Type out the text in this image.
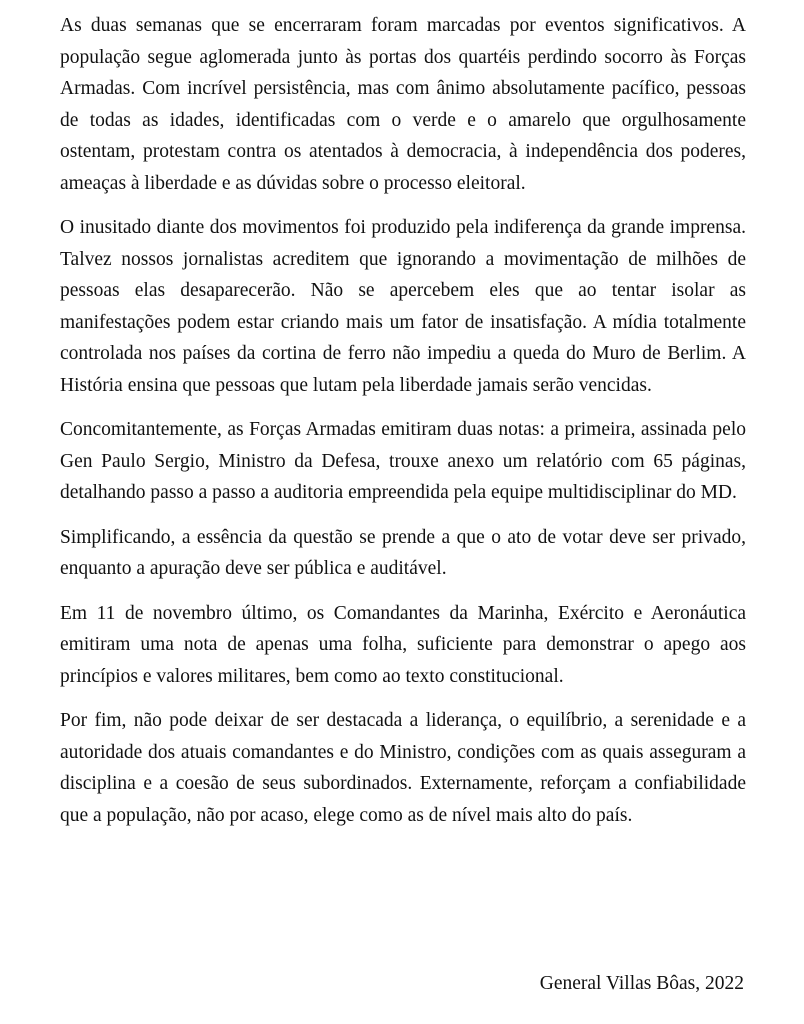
As duas semanas que se encerraram foram marcadas por eventos significativos. A população segue aglomerada junto às portas dos quartéis perdindo socorro às Forças Armadas. Com incrível persistência, mas com ânimo absolutamente pacífico, pessoas de todas as idades, identificadas com o verde e o amarelo que orgulhosamente ostentam, protestam contra os atentados à democracia, à independência dos poderes, ameaças à liberdade e as dúvidas sobre o processo eleitoral.

O inusitado diante dos movimentos foi produzido pela indiferença da grande imprensa. Talvez nossos jornalistas acreditem que ignorando a movimentação de milhões de pessoas elas desaparecerão. Não se apercebem eles que ao tentar isolar as manifestações podem estar criando mais um fator de insatisfação. A mídia totalmente controlada nos países da cortina de ferro não impediu a queda do Muro de Berlim. A História ensina que pessoas que lutam pela liberdade jamais serão vencidas.

Concomitantemente, as Forças Armadas emitiram duas notas: a primeira, assinada pelo Gen Paulo Sergio, Ministro da Defesa, trouxe anexo um relatório com 65 páginas, detalhando passo a passo a auditoria empreendida pela equipe multidisciplinar do MD.

Simplificando, a essência da questão se prende a que o ato de votar deve ser privado, enquanto a apuração deve ser pública e auditável.

Em 11 de novembro último, os Comandantes da Marinha, Exército e Aeronáutica emitiram uma nota de apenas uma folha, suficiente para demonstrar o apego aos princípios e valores militares, bem como ao texto constitucional.

Por fim, não pode deixar de ser destacada a liderança, o equilíbrio, a serenidade e a autoridade dos atuais comandantes e do Ministro, condições com as quais asseguram a disciplina e a coesão de seus subordinados. Externamente, reforçam a confiabilidade que a população, não por acaso, elege como as de nível mais alto do país.

General Villas Bôas, 2022
